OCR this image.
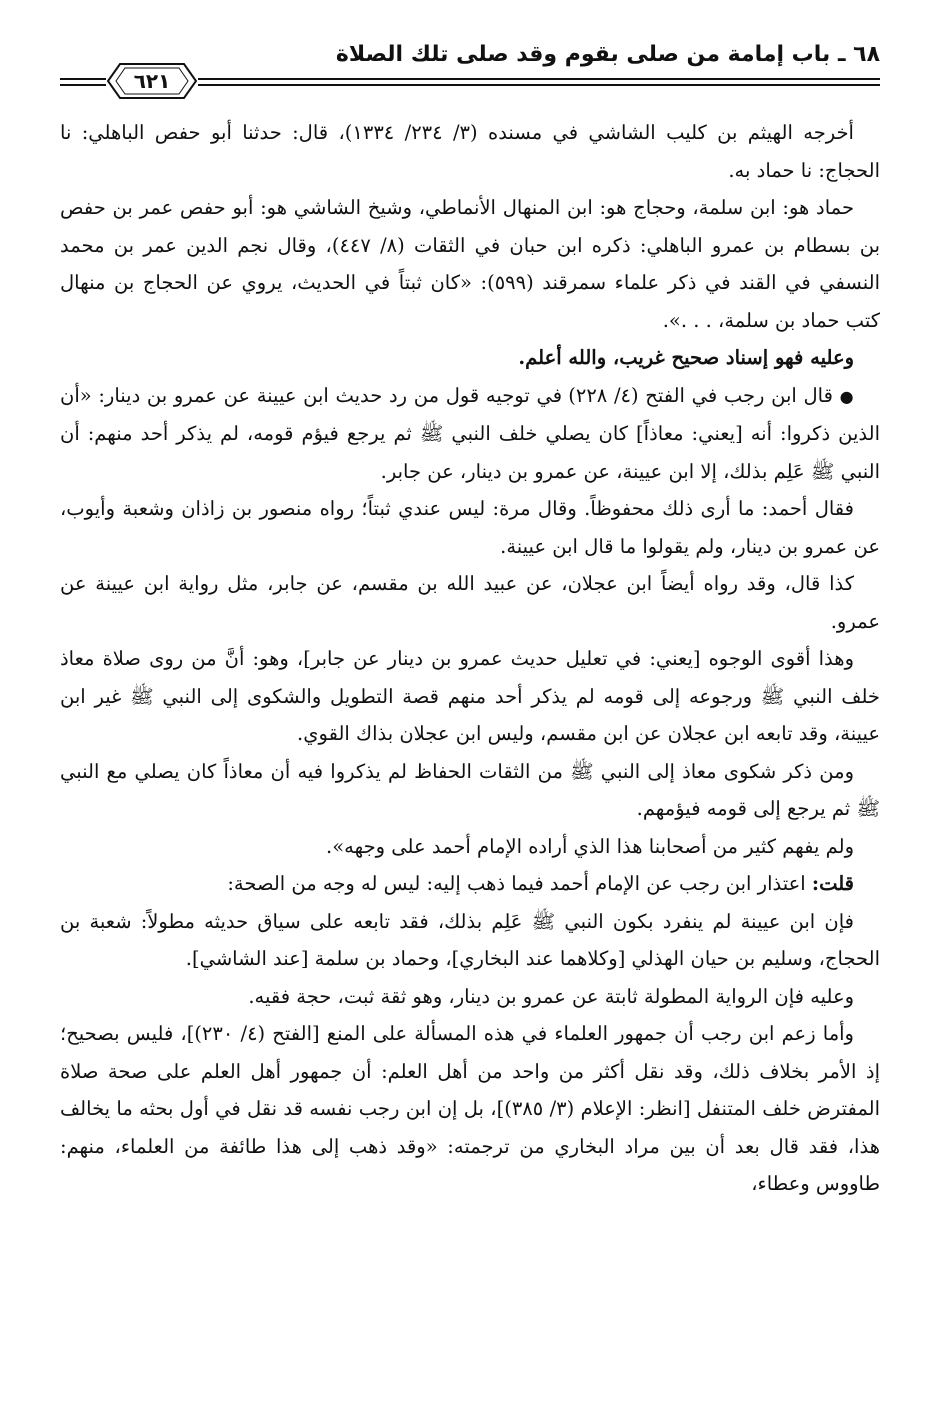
٦٨ ـ باب إمامة من صلى بقوم وقد صلى تلك الصلاة
٦٢١

أخرجه الهيثم بن كليب الشاشي في مسنده (٣/ ٢٣٤/ ١٣٣٤)، قال: حدثنا أبو حفص الباهلي: نا الحجاج: نا حماد به.

حماد هو: ابن سلمة، وحجاج هو: ابن المنهال الأنماطي، وشيخ الشاشي هو: أبو حفص عمر بن حفص بن بسطام بن عمرو الباهلي: ذكره ابن حبان في الثقات (٨/ ٤٤٧)، وقال نجم الدين عمر بن محمد النسفي في القند في ذكر علماء سمرقند (٥٩٩): «كان ثبتاً في الحديث، يروي عن الحجاج بن منهال كتب حماد بن سلمة، . . .».

وعليه فهو إسناد صحيح غريب، والله أعلم.

● قال ابن رجب في الفتح (٤/ ٢٢٨) في توجيه قول من رد حديث ابن عيينة عن عمرو بن دينار: «أن الذين ذكروا: أنه [يعني: معاذاً] كان يصلي خلف النبي ﷺ ثم يرجع فيؤم قومه، لم يذكر أحد منهم: أن النبي ﷺ عَلِم بذلك، إلا ابن عيينة، عن عمرو بن دينار، عن جابر.

فقال أحمد: ما أرى ذلك محفوظاً. وقال مرة: ليس عندي ثبتاً؛ رواه منصور بن زاذان وشعبة وأيوب، عن عمرو بن دينار، ولم يقولوا ما قال ابن عيينة.

كذا قال، وقد رواه أيضاً ابن عجلان، عن عبيد الله بن مقسم، عن جابر، مثل رواية ابن عيينة عن عمرو.

وهذا أقوى الوجوه [يعني: في تعليل حديث عمرو بن دينار عن جابر]، وهو: أنَّ من روى صلاة معاذ خلف النبي ﷺ ورجوعه إلى قومه لم يذكر أحد منهم قصة التطويل والشكوى إلى النبي ﷺ غير ابن عيينة، وقد تابعه ابن عجلان عن ابن مقسم، وليس ابن عجلان بذاك القوي.

ومن ذكر شكوى معاذ إلى النبي ﷺ من الثقات الحفاظ لم يذكروا فيه أن معاذاً كان يصلي مع النبي ﷺ ثم يرجع إلى قومه فيؤمهم.

ولم يفهم كثير من أصحابنا هذا الذي أراده الإمام أحمد على وجهه».

قلت: اعتذار ابن رجب عن الإمام أحمد فيما ذهب إليه: ليس له وجه من الصحة:

فإن ابن عيينة لم ينفرد بكون النبي ﷺ عَلِم بذلك، فقد تابعه على سياق حديثه مطولاً: شعبة بن الحجاج، وسليم بن حيان الهذلي [وكلاهما عند البخاري]، وحماد بن سلمة [عند الشاشي].

وعليه فإن الرواية المطولة ثابتة عن عمرو بن دينار، وهو ثقة ثبت، حجة فقيه.

وأما زعم ابن رجب أن جمهور العلماء في هذه المسألة على المنع [الفتح (٤/ ٢٣٠)]، فليس بصحيح؛ إذ الأمر بخلاف ذلك، وقد نقل أكثر من واحد من أهل العلم: أن جمهور أهل العلم على صحة صلاة المفترض خلف المتنفل [انظر: الإعلام (٣/ ٣٨٥)]، بل إن ابن رجب نفسه قد نقل في أول بحثه ما يخالف هذا، فقد قال بعد أن بين مراد البخاري من ترجمته: «وقد ذهب إلى هذا طائفة من العلماء، منهم: طاووس وعطاء،
